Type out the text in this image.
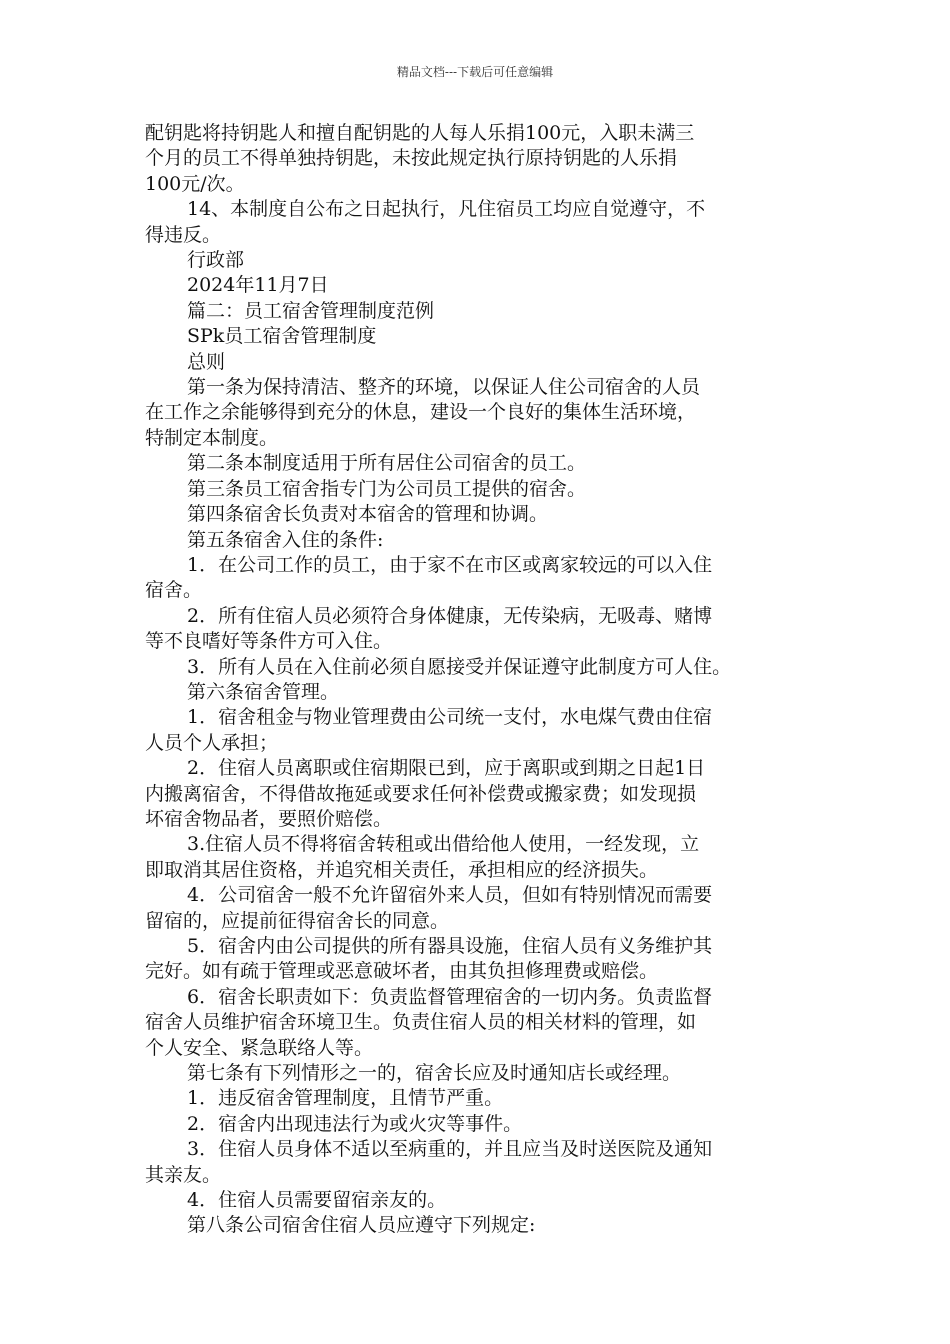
精品文档---下载后可任意编辑

配钥匙将持钥匙人和擅自配钥匙的人每人乐捐100元，入职未满三
个月的员工不得单独持钥匙，未按此规定执行原持钥匙的人乐捐
100元/次。

14、本制度自公布之日起执行，凡住宿员工均应自觉遵守，不
得违反。

行政部

2024年11月7日

篇二：员工宿舍管理制度范例

SPk员工宿舍管理制度

总则

第一条为保持清洁、整齐的环境，以保证人住公司宿舍的人员
在工作之余能够得到充分的休息，建设一个良好的集体生活环境，
特制定本制度。

第二条本制度适用于所有居住公司宿舍的员工。

第三条员工宿舍指专门为公司员工提供的宿舍。

第四条宿舍长负责对本宿舍的管理和协调。

第五条宿舍入住的条件:

1．在公司工作的员工，由于家不在市区或离家较远的可以入住
宿舍。

2．所有住宿人员必须符合身体健康，无传染病，无吸毒、赌博
等不良嗜好等条件方可入住。

3．所有人员在入住前必须自愿接受并保证遵守此制度方可人住。

第六条宿舍管理。

1．宿舍租金与物业管理费由公司统一支付，水电煤气费由住宿
人员个人承担；

2．住宿人员离职或住宿期限已到，应于离职或到期之日起1日
内搬离宿舍，不得借故拖延或要求任何补偿费或搬家费；如发现损
坏宿舍物品者，要照价赔偿。

3.住宿人员不得将宿舍转租或出借给他人使用，一经发现，立
即取消其居住资格，并追究相关责任，承担相应的经济损失。

4．公司宿舍一般不允许留宿外来人员，但如有特别情况而需要
留宿的，应提前征得宿舍长的同意。

5．宿舍内由公司提供的所有器具设施，住宿人员有义务维护其
完好。如有疏于管理或恶意破坏者，由其负担修理费或赔偿。

6．宿舍长职责如下：负责监督管理宿舍的一切内务。负责监督
宿舍人员维护宿舍环境卫生。负责住宿人员的相关材料的管理，如
个人安全、紧急联络人等。

第七条有下列情形之一的，宿舍长应及时通知店长或经理。

1．违反宿舍管理制度，且情节严重。

2．宿舍内出现违法行为或火灾等事件。

3．住宿人员身体不适以至病重的，并且应当及时送医院及通知
其亲友。

4．住宿人员需要留宿亲友的。

第八条公司宿舍住宿人员应遵守下列规定:
